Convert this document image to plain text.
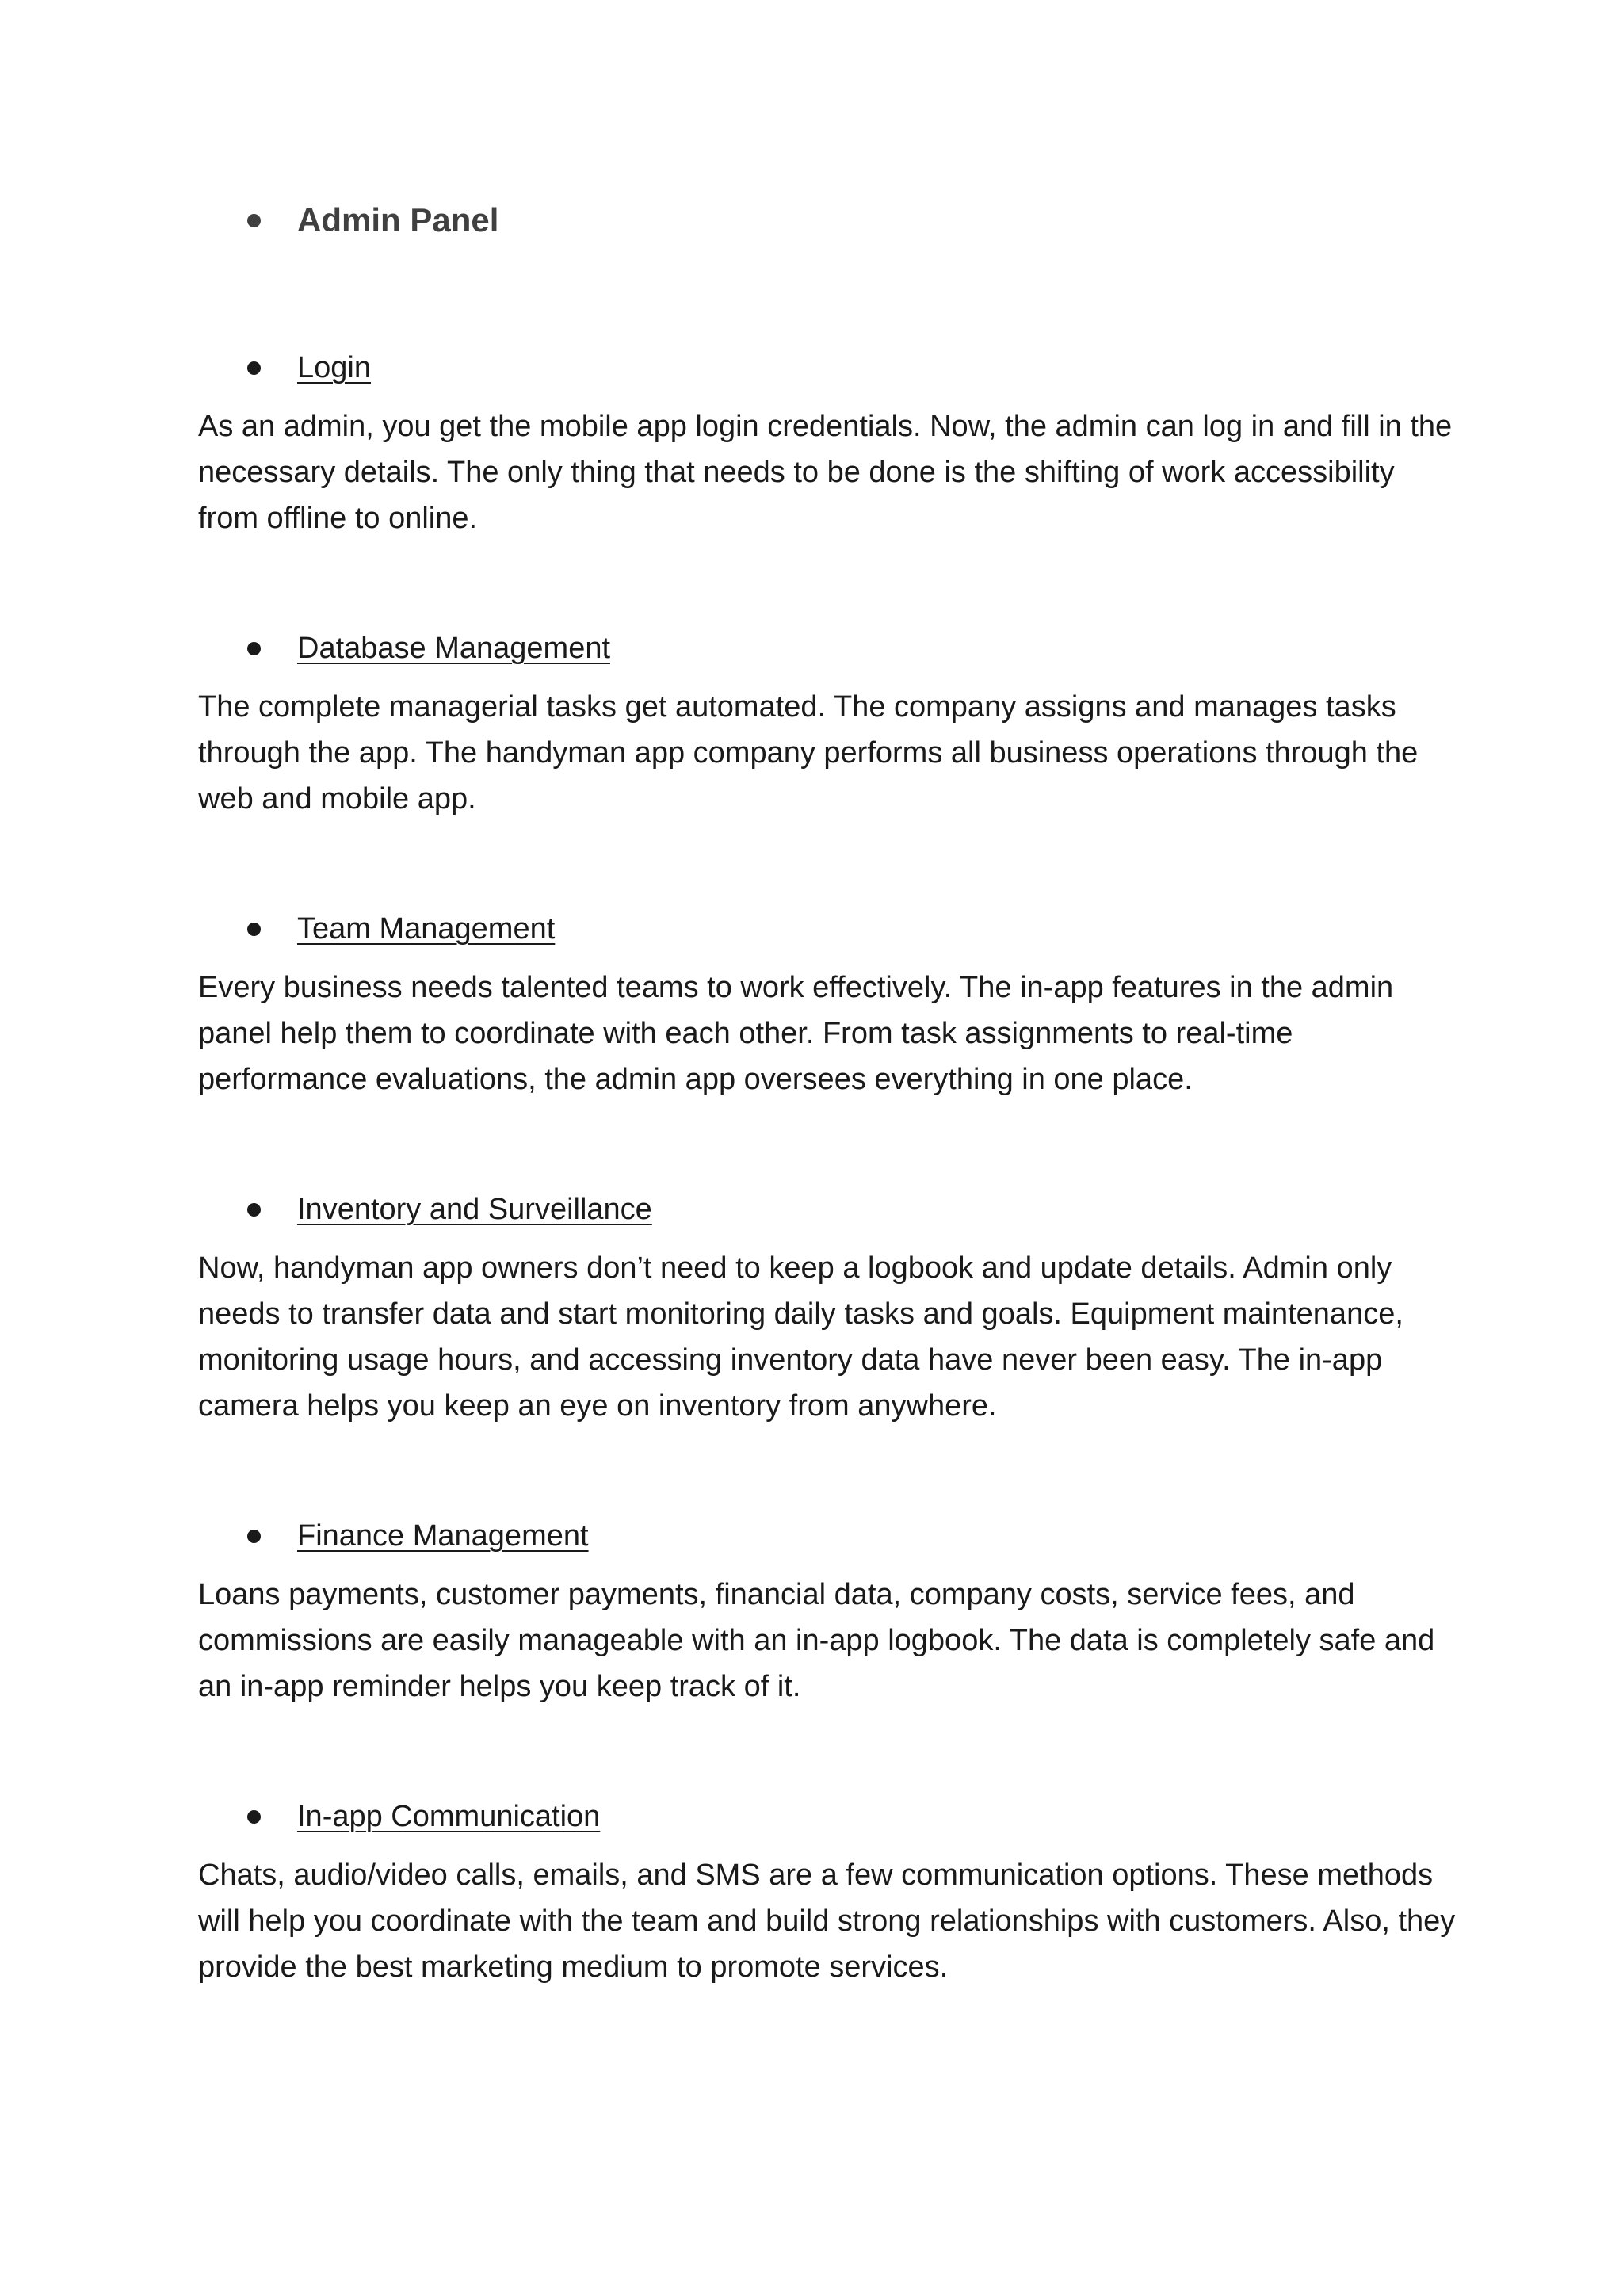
Admin Panel
Login

As an admin, you get the mobile app login credentials. Now, the admin can log in and fill in the necessary details. The only thing that needs to be done is the shifting of work accessibility from offline to online.

Database Management

The complete managerial tasks get automated. The company assigns and manages tasks through the app. The handyman app company performs all business operations through the web and mobile app.

Team Management

Every business needs talented teams to work effectively. The in-app features in the admin panel help them to coordinate with each other. From task assignments to real-time performance evaluations, the admin app oversees everything in one place.

Inventory and Surveillance

Now, handyman app owners don’t need to keep a logbook and update details. Admin only needs to transfer data and start monitoring daily tasks and goals. Equipment maintenance, monitoring usage hours, and accessing inventory data have never been easy. The in-app camera helps you keep an eye on inventory from anywhere.

Finance Management

Loans payments, customer payments, financial data, company costs, service fees, and commissions are easily manageable with an in-app logbook. The data is completely safe and an in-app reminder helps you keep track of it.

In-app Communication

Chats, audio/video calls, emails, and SMS are a few communication options. These methods will help you coordinate with the team and build strong relationships with customers. Also, they provide the best marketing medium to promote services.
